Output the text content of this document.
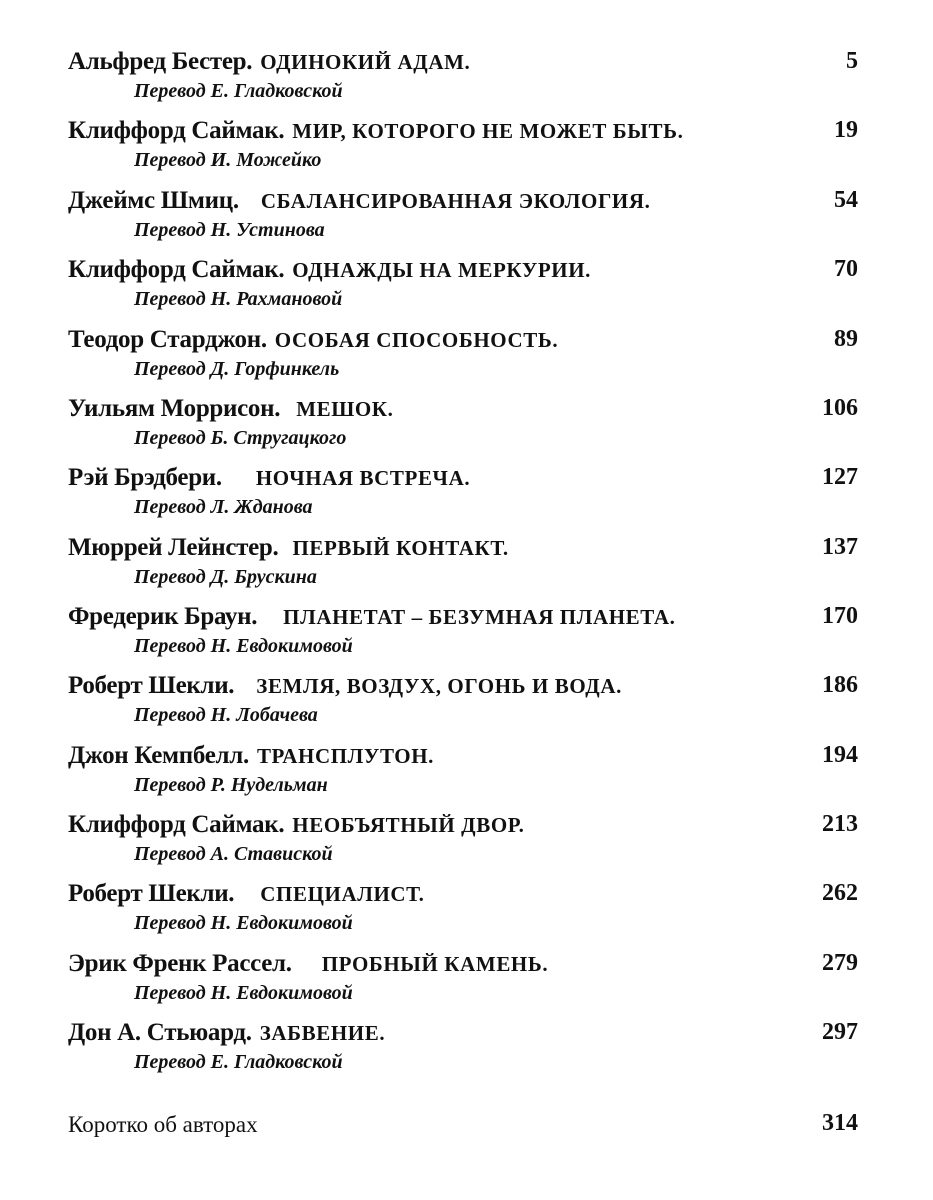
Альфред Бестер. ОДИНОКИЙ АДАМ.	5
Перевод Е. Гладковской
Клиффорд Саймак. МИР, КОТОРОГО НЕ МОЖЕТ БЫТЬ.	19
Перевод И. Можейко
Джеймс Шмиц. СБАЛАНСИРОВАННАЯ ЭКОЛОГИЯ.	54
Перевод Н. Устинова
Клиффорд Саймак. ОДНАЖДЫ НА МЕРКУРИИ.	70
Перевод Н. Рахмановой
Теодор Старджон. ОСОБАЯ СПОСОБНОСТЬ.	89
Перевод Д. Горфинкель
Уильям Моррисон. МЕШОК.	106
Перевод Б. Стругацкого
Рэй Брэдбери. НОЧНАЯ ВСТРЕЧА.	127
Перевод Л. Жданова
Мюррей Лейнстер. ПЕРВЫЙ КОНТАКТ.	137
Перевод Д. Брускина
Фредерик Браун. ПЛАНЕТАТ – БЕЗУМНАЯ ПЛАНЕТА.	170
Перевод Н. Евдокимовой
Роберт Шекли. ЗЕМЛЯ, ВОЗДУХ, ОГОНЬ И ВОДА.	186
Перевод Н. Лобачева
Джон Кемпбелл. ТРАНСПЛУТОН.	194
Перевод Р. Нудельман
Клиффорд Саймак. НЕОБЪЯТНЫЙ ДВОР.	213
Перевод А. Ставиской
Роберт Шекли. СПЕЦИАЛИСТ.	262
Перевод Н. Евдокимовой
Эрик Френк Рассел. ПРОБНЫЙ КАМЕНЬ.	279
Перевод Н. Евдокимовой
Дон А. Стьюард. ЗАБВЕНИЕ.	297
Перевод Е. Гладковской
Коротко об авторах	314
